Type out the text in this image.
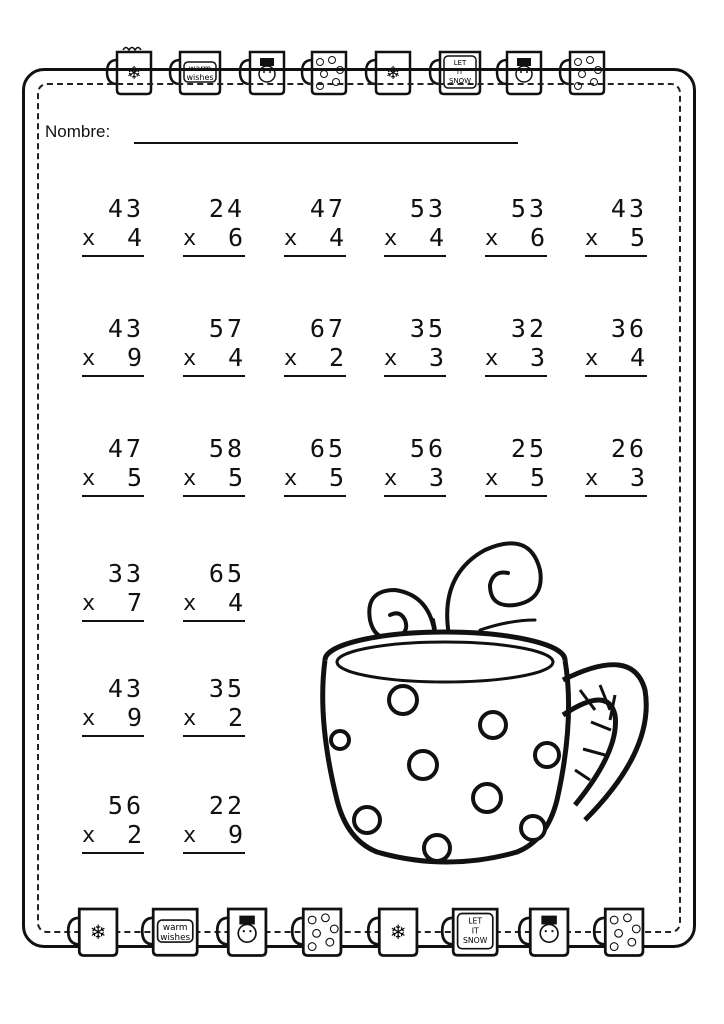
❄	warm
wishes	❄	LET
IT
SNOW
Nombre:
43
x 4
24
x 6
47
x 4
53
x 4
53
x 6
43
x 5
43
x 9
57
x 4
67
x 2
35
x 3
32
x 3
36
x 4
47
x 5
58
x 5
65
x 5
56
x 3
25
x 5
26
x 3
33
x 7
65
x 4
43
x 9
35
x 2
56
x 2
22
x 9
❄	warm
wishes	❄	LET
IT
SNOW
